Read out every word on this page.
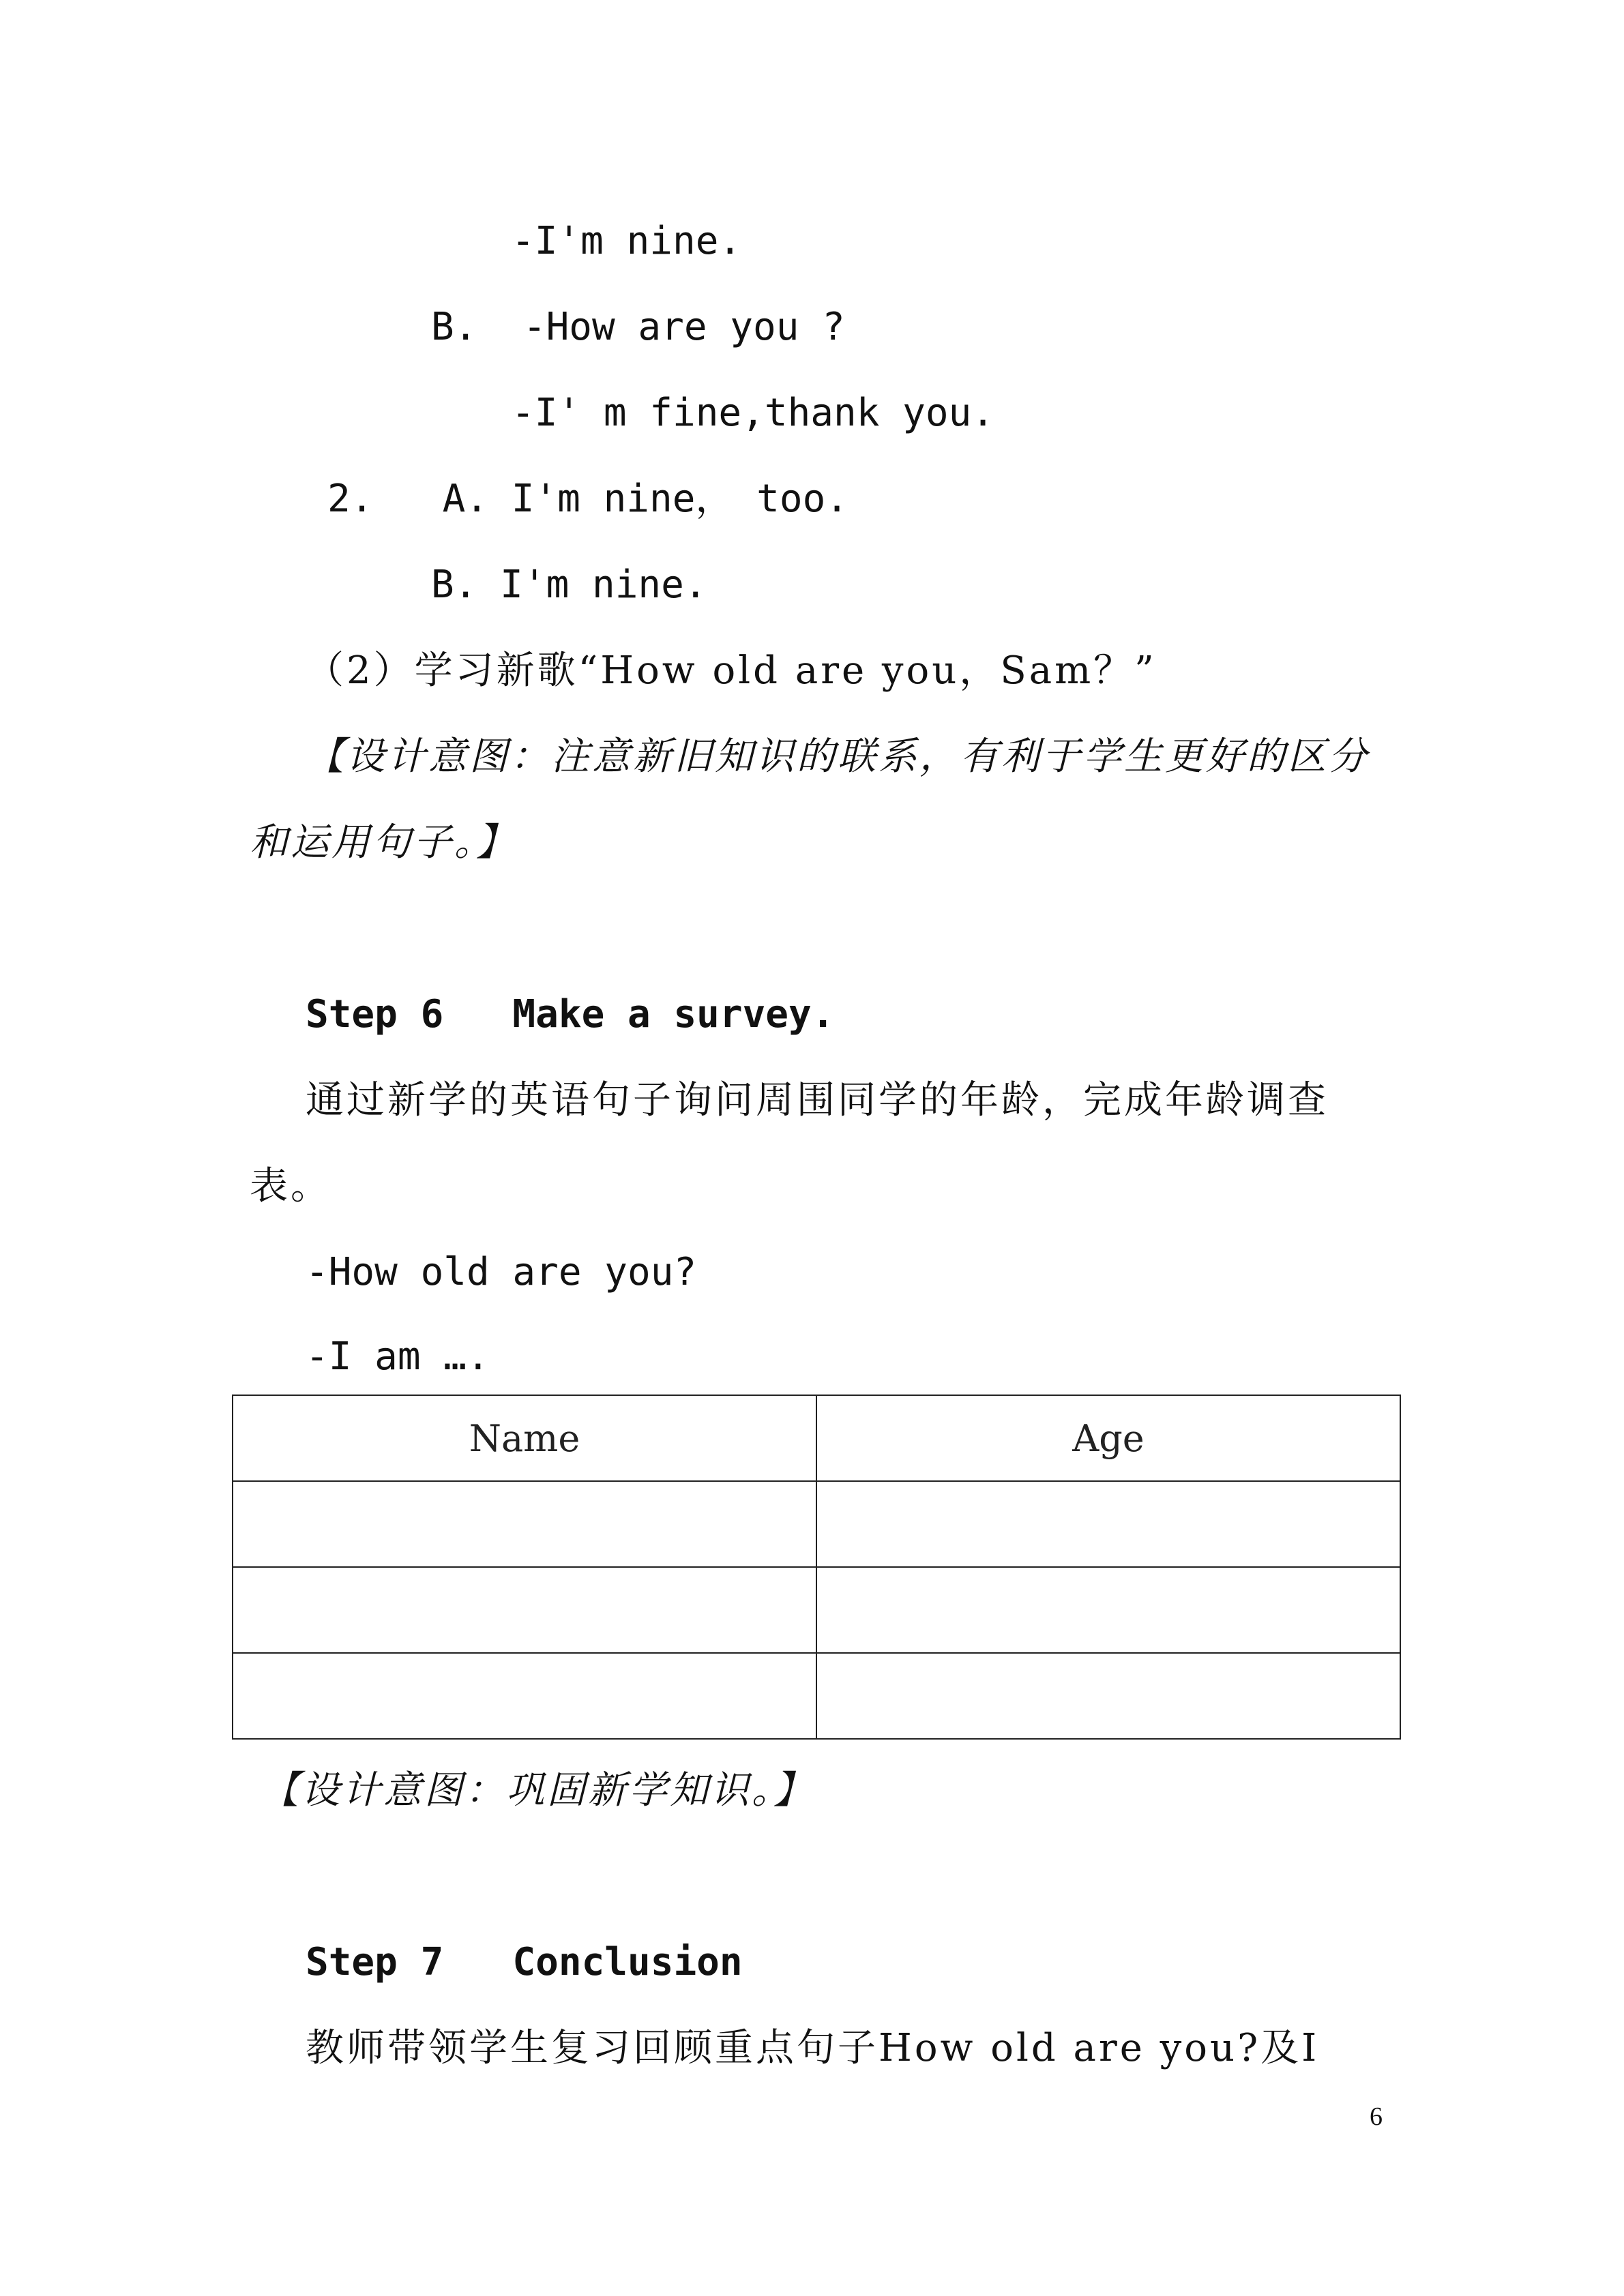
-I'm nine.

B.  -How are you ?

-I' m fine,thank you.

2.   A. I'm nine， too.

B. I'm nine.

（2）学习新歌“How old are you，Sam？”

【设计意图：注意新旧知识的联系，有利于学生更好的区分

和运用句子。】

Step 6   Make a survey.

通过新学的英语句子询问周围同学的年龄，完成年龄调查

表。

-How old are you?

-I am ….

Name	Age

【设计意图：巩固新学知识。】

Step 7   Conclusion

教师带领学生复习回顾重点句子How old are you?及I

6
